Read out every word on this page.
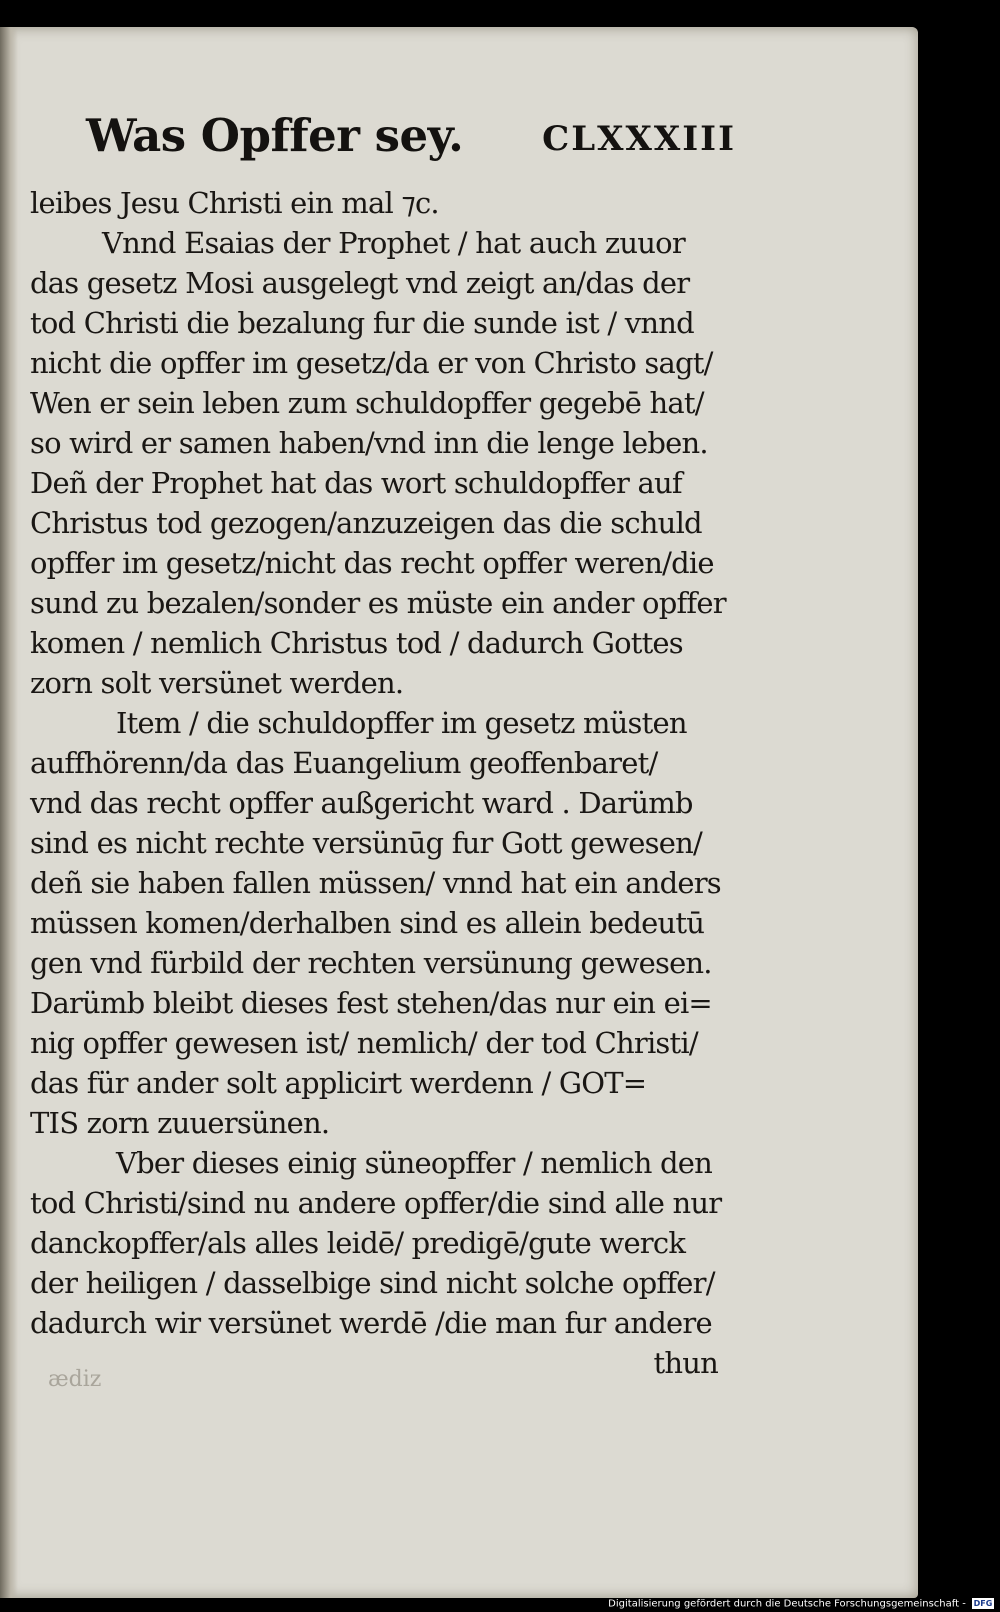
Was Opffer sey. CLXXXIII
leibes Jesu Christi ein mal ⁊c.
Vnnd Esaias der Prophet / hat auch zuuor
das gesetz Mosi ausgelegt vnd zeigt an/das der
tod Christi die bezalung fur die sunde ist / vnnd
nicht die opffer im gesetz/da er von Christo sagt/
Wen er sein leben zum schuldopffer gegebē hat/
so wird er samen haben/vnd inn die lenge leben.
Deñ der Prophet hat das wort schuldopffer auf
Christus tod gezogen/anzuzeigen das die schuld
opffer im gesetz/nicht das recht opffer weren/die
sund zu bezalen/sonder es müste ein ander opffer
komen / nemlich Christus tod / dadurch Gottes
zorn solt versünet werden.
Item / die schuldopffer im gesetz müsten
auffhörenn/da das Euangelium geoffenbaret/
vnd das recht opffer außgericht ward . Darümb
sind es nicht rechte versünūg fur Gott gewesen/
deñ sie haben fallen müssen/ vnnd hat ein anders
müssen komen/derhalben sind es allein bedeutū
gen vnd fürbild der rechten versünung gewesen.
Darümb bleibt dieses fest stehen/das nur ein ei=
nig opffer gewesen ist/ nemlich/ der tod Christi/
das für ander solt applicirt werdenn / GOT=
TIS zorn zuuersünen.
Vber dieses einig süneopffer / nemlich den
tod Christi/sind nu andere opffer/die sind alle nur
danckopffer/als alles leidē/ predigē/gute werck
der heiligen / dasselbige sind nicht solche opffer/
dadurch wir versünet werdē /die man fur andere
thun
ædiz
Digitalisierung gefördert durch die Deutsche Forschungsgemeinschaft - DFG
